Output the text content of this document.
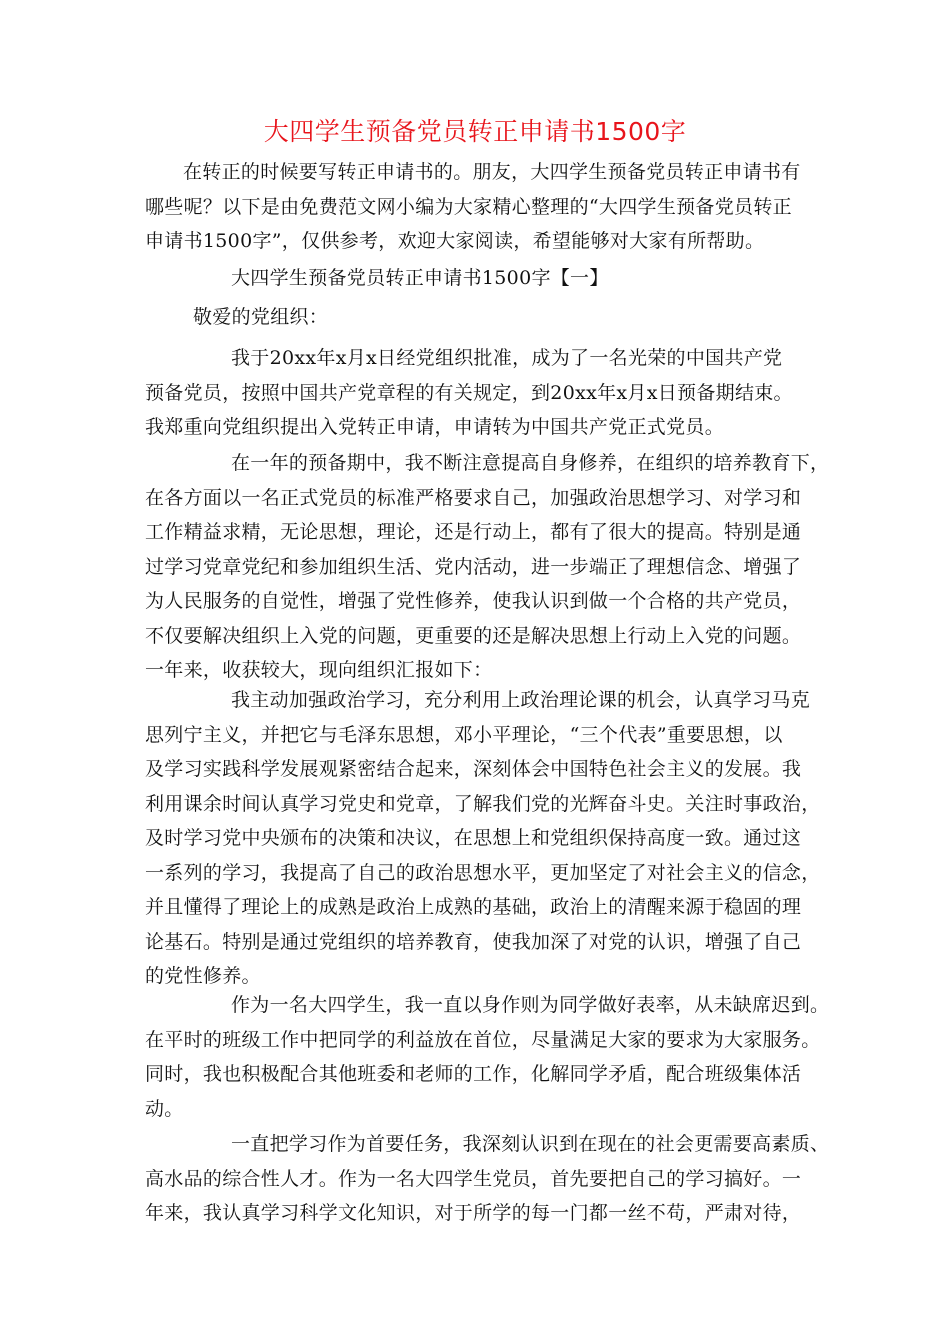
大四学生预备党员转正申请书1500字
在转正的时候要写转正申请书的。朋友，大四学生预备党员转正申请书有
哪些呢？以下是由免费范文网小编为大家精心整理的“大四学生预备党员转正
申请书1500字”，仅供参考，欢迎大家阅读，希望能够对大家有所帮助。
大四学生预备党员转正申请书1500字【一】
敬爱的党组织：
我于20xx年x月x日经党组织批准，成为了一名光荣的中国共产党
预备党员，按照中国共产党章程的有关规定，到20xx年x月x日预备期结束。
我郑重向党组织提出入党转正申请，申请转为中国共产党正式党员。
在一年的预备期中，我不断注意提高自身修养，在组织的培养教育下，
在各方面以一名正式党员的标准严格要求自己，加强政治思想学习、对学习和
工作精益求精，无论思想，理论，还是行动上，都有了很大的提高。特别是通
过学习党章党纪和参加组织生活、党内活动，进一步端正了理想信念、增强了
为人民服务的自觉性，增强了党性修养，使我认识到做一个合格的共产党员，
不仅要解决组织上入党的问题，更重要的还是解决思想上行动上入党的问题。
一年来，收获较大，现向组织汇报如下：
我主动加强政治学习，充分利用上政治理论课的机会，认真学习马克
思列宁主义，并把它与毛泽东思想，邓小平理论，“三个代表”重要思想，以
及学习实践科学发展观紧密结合起来，深刻体会中国特色社会主义的发展。我
利用课余时间认真学习党史和党章，了解我们党的光辉奋斗史。关注时事政治，
及时学习党中央颁布的决策和决议，在思想上和党组织保持高度一致。通过这
一系列的学习，我提高了自己的政治思想水平，更加坚定了对社会主义的信念，
并且懂得了理论上的成熟是政治上成熟的基础，政治上的清醒来源于稳固的理
论基石。特别是通过党组织的培养教育，使我加深了对党的认识，增强了自己
的党性修养。
作为一名大四学生，我一直以身作则为同学做好表率，从未缺席迟到。
在平时的班级工作中把同学的利益放在首位，尽量满足大家的要求为大家服务。
同时，我也积极配合其他班委和老师的工作，化解同学矛盾，配合班级集体活
动。
一直把学习作为首要任务，我深刻认识到在现在的社会更需要高素质、
高水品的综合性人才。作为一名大四学生党员，首先要把自己的学习搞好。一
年来，我认真学习科学文化知识，对于所学的每一门都一丝不苟，严肃对待，
